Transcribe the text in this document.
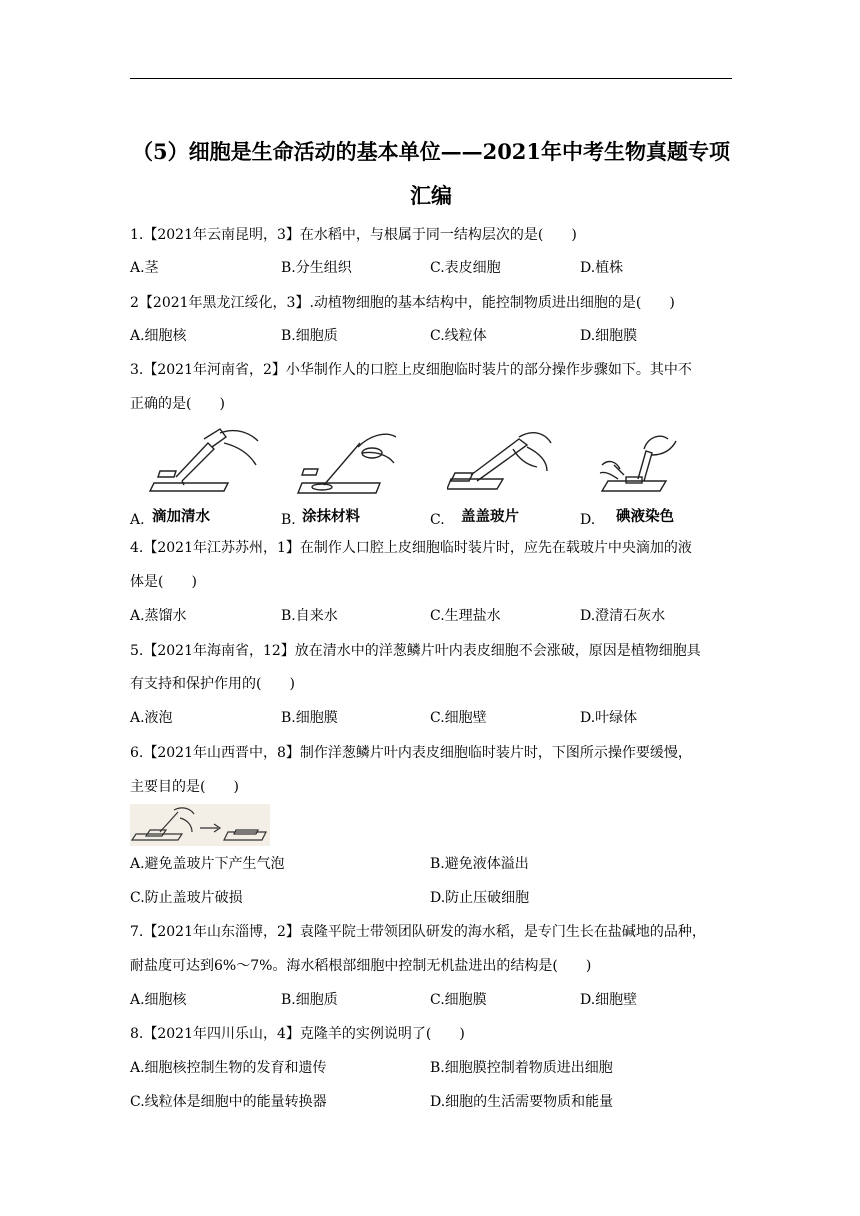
（5）细胞是生命活动的基本单位——2021年中考生物真题专项
汇编
1.【2021年云南昆明，3】在水稻中，与根属于同一结构层次的是(　　)
A.茎	B.分生组织	C.表皮细胞	D.植株
2【2021年黑龙江绥化，3】.动植物细胞的基本结构中，能控制物质进出细胞的是(　　)
A.细胞核	B.细胞质	C.线粒体	D.细胞膜
3.【2021年河南省，2】小华制作人的口腔上皮细胞临时装片的部分操作步骤如下。其中不
正确的是(　　)
A. 滴加清水	B. 涂抹材料	C. 盖盖玻片	D. 碘液染色
4.【2021年江苏苏州，1】在制作人口腔上皮细胞临时装片时，应先在载玻片中央滴加的液
体是(　　)
A.蒸馏水	B.自来水	C.生理盐水	D.澄清石灰水
5.【2021年海南省，12】放在清水中的洋葱鳞片叶内表皮细胞不会涨破，原因是植物细胞具
有支持和保护作用的(　　)
A.液泡	B.细胞膜	C.细胞壁	D.叶绿体
6.【2021年山西晋中，8】制作洋葱鳞片叶内表皮细胞临时装片时，下图所示操作要缓慢，
主要目的是(　　)
A.避免盖玻片下产生气泡	B.避免液体溢出
C.防止盖玻片破损	D.防止压破细胞
7.【2021年山东淄博，2】袁隆平院士带领团队研发的海水稻，是专门生长在盐碱地的品种，
耐盐度可达到6%～7%。海水稻根部细胞中控制无机盐进出的结构是(　　)
A.细胞核	B.细胞质	C.细胞膜	D.细胞壁
8.【2021年四川乐山，4】克隆羊的实例说明了(　　)
A.细胞核控制生物的发育和遗传	B.细胞膜控制着物质进出细胞
C.线粒体是细胞中的能量转换器	D.细胞的生活需要物质和能量
